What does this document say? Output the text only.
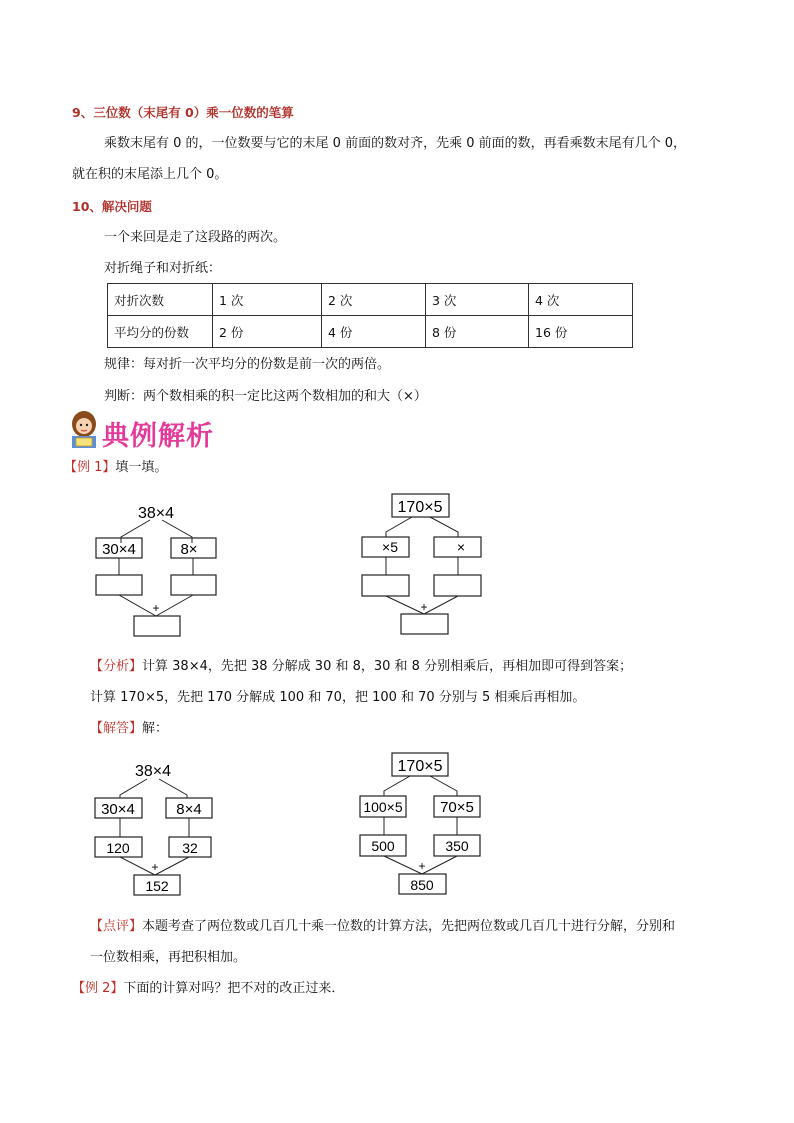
9、三位数（末尾有 0）乘一位数的笔算
乘数末尾有 0 的，一位数要与它的末尾 0 前面的数对齐，先乘 0 前面的数，再看乘数末尾有几个 0，
就在积的末尾添上几个 0。
10、解决问题
一个来回是走了这段路的两次。
对折绳子和对折纸：
对折次数	1 次	2 次	3 次	4 次
平均分的份数	2 份	4 份	8 份	16 份
规律：每对折一次平均分的份数是前一次的两倍。
判断：两个数相乘的积一定比这两个数相加的和大（×）
典例解析
【例 1】填一填。
38×4
30×4	8×
+
170×5
×5	×
+
【分析】计算 38×4，先把 38 分解成 30 和 8，30 和 8 分别相乘后，再相加即可得到答案；
计算 170×5，先把 170 分解成 100 和 70，把 100 和 70 分别与 5 相乘后再相加。
【解答】解：
38×4
30×4	8×4
120	32
+
152
170×5
100×5 70×5
500	350
+
850
【点评】本题考查了两位数或几百几十乘一位数的计算方法，先把两位数或几百几十进行分解，分别和
一位数相乘，再把积相加。
【例 2】下面的计算对吗？把不对的改正过来．
